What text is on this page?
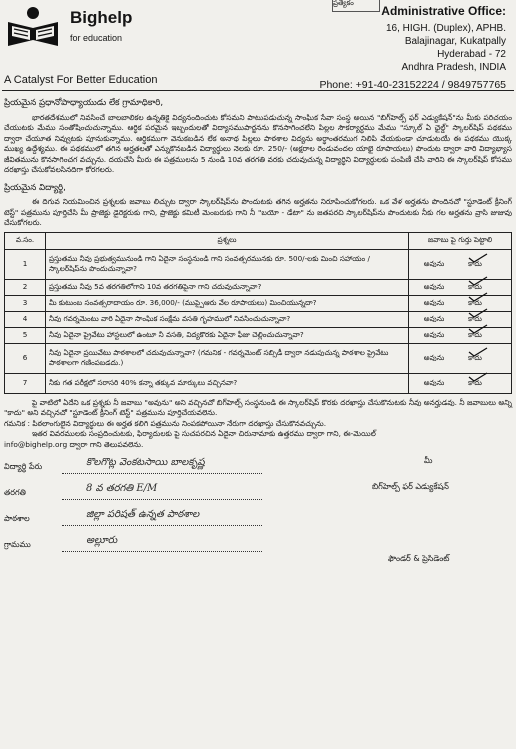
Bighelp
for education
A Catalyst For Better Education
ప్రత్యేకం
Administrative Office:
16, HIGH. (Duplex), APHB.
Balajinagar, Kukatpally
Hyderabad - 72
Andhra Pradesh, INDIA
Phone: +91-40-23152224 / 9849757765

ప్రియమైన ప్రధానోపాధ్యాయుడు లేక గ్రామాధికారి,

భారతదేశములో నివసించే బాలబాలికల ఉన్నతికై విద్యనందించుట కోసమని పాటుపడుచున్న సాంఘిక సేవా సంస్థ అయిన "బిగ్‌హెల్ప్ ఫర్ ఎడ్యుకేషన్"ను మీకు పరిచయం చేయుటకు మేము సంతోషించుచున్నాము. ఆర్థిక పరమైన ఇబ్బందులతో విద్యాసముపార్జనను కొనసాగించలేని పిల్లల సౌకర్యార్థము మేము "స్కూల్ ఏ ఛైల్డ్" స్కాలర్‌షిప్ పథకము ద్వారా చేయూత నివ్వుటకు పూనుకున్నాము. ఆర్థికముగా వెనుకబడిన లేక అనాథ పిల్లలు పాఠశాల విద్యను అర్థాంతరముగ నిలిపి వేయకుండా చూడుటయే ఈ పథకము యొక్క ముఖ్య ఉద్దేశ్యము. ఈ పథకములో తగిన అర్హతలతో ఎన్నుకొనబడిన విద్యార్థులు నెలకు రూ. 250/- (అక్షరాల రెండువందల యాభై రూపాయలు) పొందుట ద్వారా వారి విద్యాభ్యాస జీవితమును కొనసాగించగ వచ్చును. దయచేసి మీరు ఈ పత్రములను 5 నుండి 10వ తరగతి వరకు చదువుచున్న విద్యార్థిని విద్యార్థులకు పంపిణీ చేసి వారిని ఈ స్కాలర్‌షిప్ కోసము దరఖాస్తు చేసుకోవలసినదిగా కోరగలరు.

ప్రియమైన విద్యార్థి,

ఈ దిగువ నియమించిన ప్రశ్నలకు జవాబు లిచ్చుట ద్వారా స్కాలర్‌షిప్‌ను పొందుటకు తగిన అర్హతను నిరూపించుకోగలరు. ఒక వేళ అర్హతను పొందినచో "స్టూడెంట్ క్రీనింగ్ టెస్ట్" పత్రమును పూర్తిచేసి మీ ప్రాజెక్టు డైరెక్టరుకు గాని, ప్రాజెక్టు కమిటీ మెంబరుకు గాని నీ "బయో - డేటా" ను జతపరచి స్కాలర్‌షిప్‌ను పొందుటకు నీకు గల అర్హతను వ్రాసి జుజువు చేసుకోగలరు.

వ.సం.	ప్రశ్నలు	జవాబు పై గుర్తు పెట్టాలి
1	ప్రస్తుతము నీవు ప్రభుత్వమునుండి గాని ఏదైనా సంస్థనుండి గాని సంవత్సరమునకు రూ. 500/-లకు మించి సహాయం / స్కాలర్‌షిప్‌ను పొందుచున్నావా?	అవును కాదు
2	ప్రస్తుతము నీవు 5వ తరగతిలోగాని 10వ తరగతిపైనా గాని చదువుచున్నావా?	అవును కాదు
3	మీ కుటుంబ సంవత్సరాదాయం రూ. 36,000/- (ముప్పైఆరు వేల రూపాయలు) మించియున్నదా?	అవును కాదు
4	నీవు గవర్నమెంటు వారి ఏదైనా సాంఘిక సంక్షేమ వసతి గృహములో నివసించుచున్నావా?	అవును కాదు
5	నీవు ఏదైనా ప్రైవేటు హాస్టలులో ఉంటూ నీ వసతి, విద్యకొరకు ఏదైనా ఫీజు చెల్లించుచున్నావా?	అవును కాదు
6	నీవు ఏదైనా ప్రయివేటు పాఠశాలలో చదువుచున్నావా? (గమనిక - గవర్నమెంట్ సబ్సిడీ ద్వారా నడుపుచున్న పాఠశాల ప్రైవేటు పాఠశాలగా గణింపబడదు.)	అవును కాదు
7	నీకు గత పరీక్షలో సరాసరి 40% కన్నా తక్కువ మార్కులు వచ్చినవా?	అవును కాదు

పై వాటిలో ఏదేని ఒక ప్రశ్నకు నీ జవాబు "అవును" అని వచ్చినచో బిగ్‌హెల్ప్ సంస్థనుండి ఈ స్కాలర్‌షిప్ కొరకు దరఖాస్తు చేసుకొనుటకు నీవు అనర్హుడవు. నీ జవాబులు అన్ని "కాదు" అని వచ్చినచో "స్టూడెంట్ క్రీనింగ్ టెస్ట్" పత్రమును పూర్తిచేయవలెను.

గమనిక : పిఠలాంగులైన విద్యార్థులు ఈ అర్హత కలిగి పత్రమును నింపకపోయినా నేరుగా దరఖాస్తు చేసుకొనవచ్చును.

ఇతర వివరములకు సంప్రదించుటకు, ఫిర్యాదులకు పై సుచపరచిన ఏదైనా చిరునామాకు ఉత్తరము ద్వారా గాని, ఈ-మెయిల్

info@bighelp.org ద్వారా గాని తెలుపవలెను.

విద్యార్థి పేరు	కొలగొట్ల వెంకటసాయి బాలకృష్ణ
తరగతి	8 వ తరగతి E/M
పాఠశాల	జిల్లా పరిషత్ ఉన్నత పాఠశాల
గ్రామము	అల్లూరు
మీ
బిగ్‌హెల్ప్ ఫర్ ఎడ్యుకేషన్
ఫౌండర్ & ప్రెసిడెంట్
